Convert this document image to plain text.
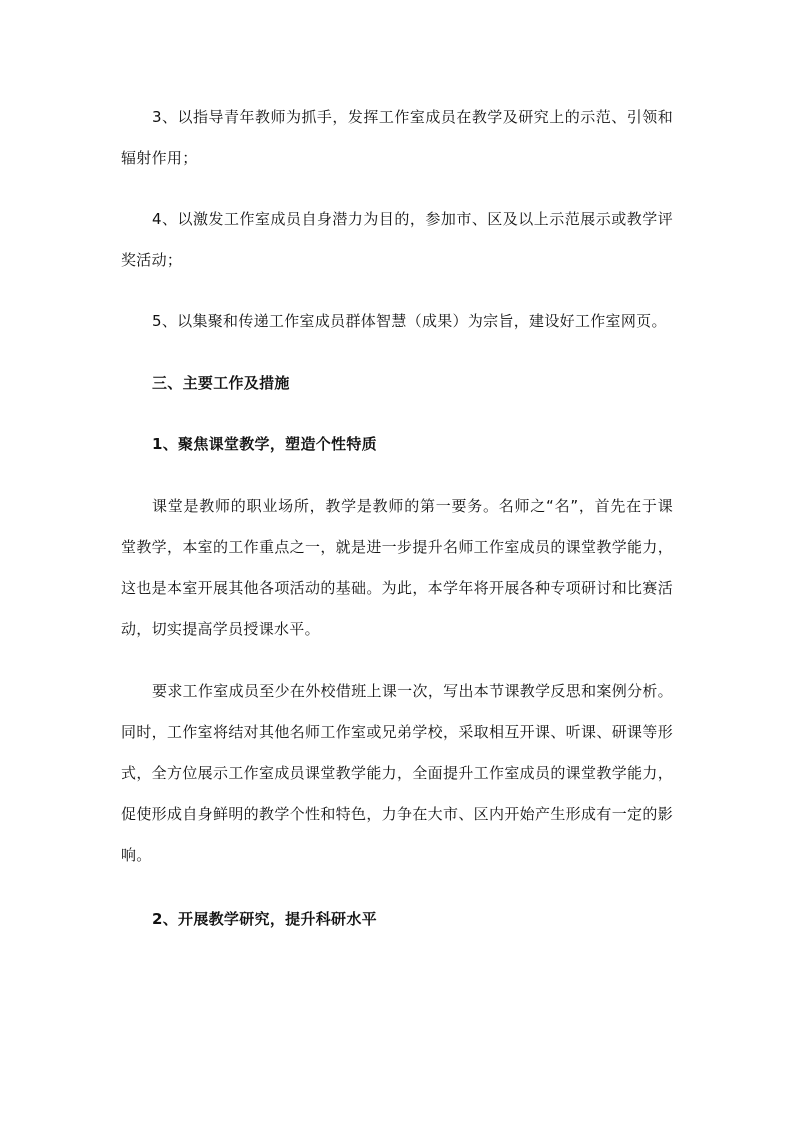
3、以指导青年教师为抓手，发挥工作室成员在教学及研究上的示范、引领和辐射作用；

4、以激发工作室成员自身潜力为目的，参加市、区及以上示范展示或教学评奖活动；

5、以集聚和传递工作室成员群体智慧（成果）为宗旨，建设好工作室网页。

三、主要工作及措施

1、聚焦课堂教学，塑造个性特质

课堂是教师的职业场所，教学是教师的第一要务。名师之“名”，首先在于课堂教学，本室的工作重点之一，就是进一步提升名师工作室成员的课堂教学能力，这也是本室开展其他各项活动的基础。为此，本学年将开展各种专项研讨和比赛活动，切实提高学员授课水平。

要求工作室成员至少在外校借班上课一次，写出本节课教学反思和案例分析。同时，工作室将结对其他名师工作室或兄弟学校，采取相互开课、听课、研课等形式，全方位展示工作室成员课堂教学能力，全面提升工作室成员的课堂教学能力，促使形成自身鲜明的教学个性和特色，力争在大市、区内开始产生形成有一定的影响。

2、开展教学研究，提升科研水平
